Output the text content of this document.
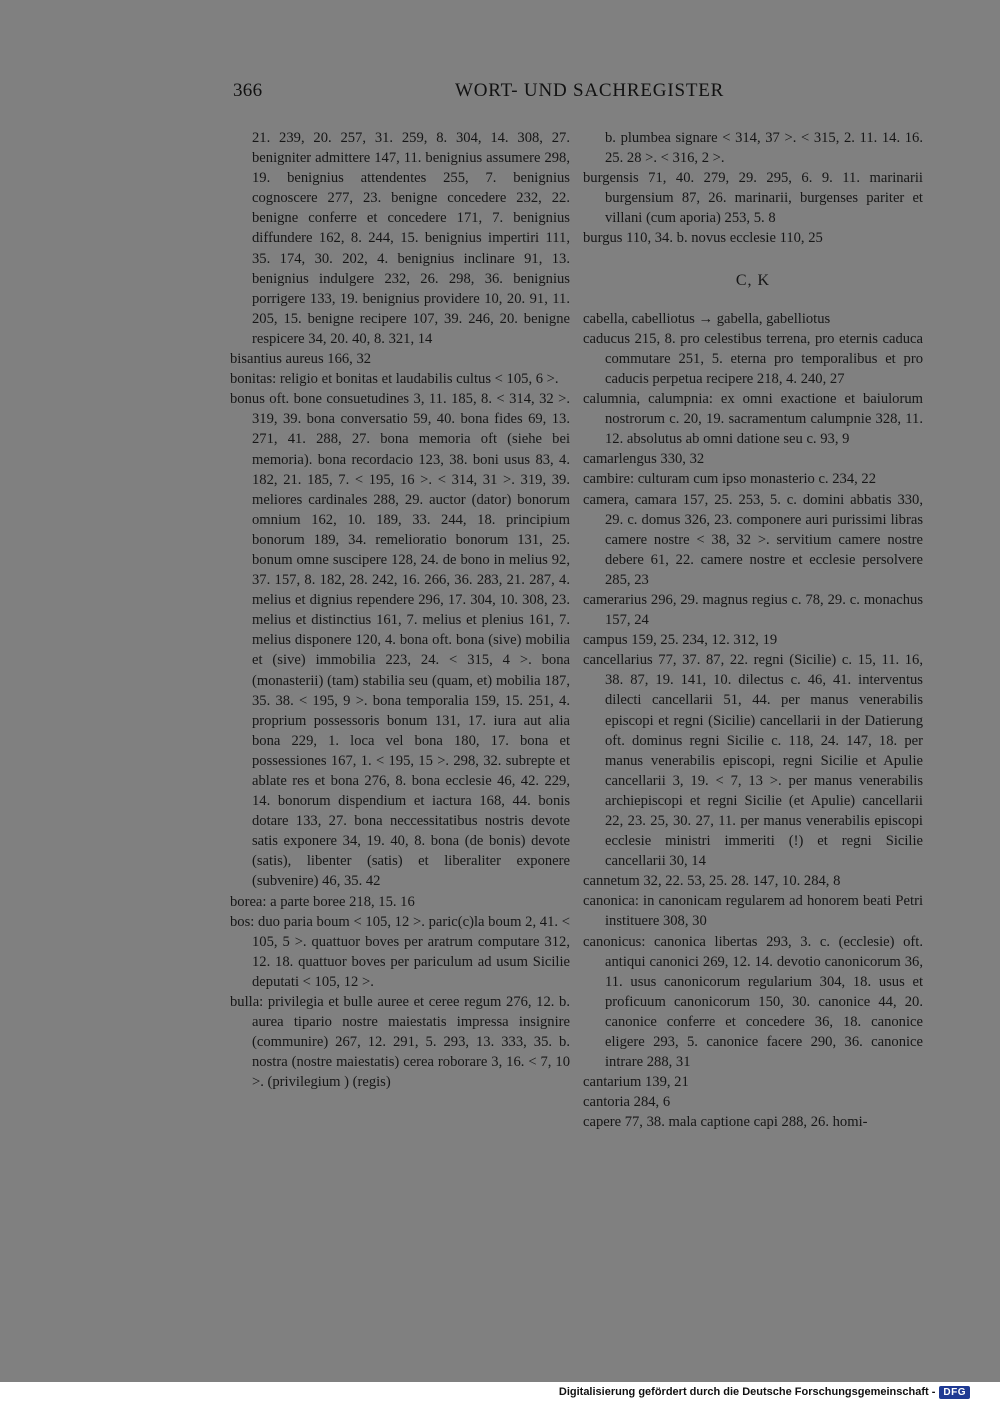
366	WORT- UND SACHREGISTER
21. 239, 20. 257, 31. 259, 8. 304, 14. 308, 27. benigniter admittere 147, 11. benignius assumere 298, 19. benignius attendentes 255, 7. benignius cognoscere 277, 23. benigne concedere 232, 22. benigne conferre et concedere 171, 7. benignius diffundere 162, 8. 244, 15. benignius impertiri 111, 35. 174, 30. 202, 4. benignius inclinare 91, 13. benignius indulgere 232, 26. 298, 36. benignius porrigere 133, 19. benignius providere 10, 20. 91, 11. 205, 15. benigne recipere 107, 39. 246, 20. benigne respicere 34, 20. 40, 8. 321, 14
bisantius aureus 166, 32
bonitas: religio et bonitas et laudabilis cultus < 105, 6 >.
bonus oft. bone consuetudines 3, 11. 185, 8. < 314, 32 >. 319, 39. bona conversatio 59, 40. bona fides 69, 13. 271, 41. 288, 27. bona memoria oft (siehe bei memoria). bona recordacio 123, 38. boni usus 83, 4. 182, 21. 185, 7. < 195, 16 >. < 314, 31 >. 319, 39. meliores cardinales 288, 29. auctor (dator) bonorum omnium 162, 10. 189, 33. 244, 18. principium bonorum 189, 34. remelioratio bonorum 131, 25. bonum omne suscipere 128, 24. de bono in melius 92, 37. 157, 8. 182, 28. 242, 16. 266, 36. 283, 21. 287, 4. melius et dignius rependere 296, 17. 304, 10. 308, 23. melius et distinctius 161, 7. melius et plenius 161, 7. melius disponere 120, 4. bona oft. bona (sive) mobilia et (sive) immobilia 223, 24. < 315, 4 >. bona (monasterii) (tam) stabilia seu (quam, et) mobilia 187, 35. 38. < 195, 9 >. bona temporalia 159, 15. 251, 4. proprium possessoris bonum 131, 17. iura aut alia bona 229, 1. loca vel bona 180, 17. bona et possessiones 167, 1. < 195, 15 >. 298, 32. subrepte et ablate res et bona 276, 8. bona ecclesie 46, 42. 229, 14. bonorum dispendium et iactura 168, 44. bonis dotare 133, 27. bona neccessitatibus nostris devote satis exponere 34, 19. 40, 8. bona (de bonis) devote (satis), libenter (satis) et liberaliter exponere (subvenire) 46, 35. 42
borea: a parte boree 218, 15. 16
bos: duo paria boum < 105, 12 >. paric(c)la boum 2, 41. < 105, 5 >. quattuor boves per aratrum computare 312, 12. 18. quattuor boves per pariculum ad usum Sicilie deputati < 105, 12 >.
bulla: privilegia et bulle auree et ceree regum 276, 12. b. aurea tipario nostre maiestatis impressa insignire (communire) 267, 12. 291, 5. 293, 13. 333, 35. b. nostra (nostre maiestatis) cerea roborare 3, 16. < 7, 10 >. (privilegium ) (regis)
b. plumbea signare < 314, 37 >. < 315, 2. 11. 14. 16. 25. 28 >. < 316, 2 >.
burgensis 71, 40. 279, 29. 295, 6. 9. 11. marinarii burgensium 87, 26. marinarii, burgenses pariter et villani (cum aporia) 253, 5. 8
burgus 110, 34. b. novus ecclesie 110, 25
C, K
cabella, cabelliotus → gabella, gabelliotus
caducus 215, 8. pro celestibus terrena, pro eternis caduca commutare 251, 5. eterna pro temporalibus et pro caducis perpetua recipere 218, 4. 240, 27
calumnia, calumpnia: ex omni exactione et baiulorum nostrorum c. 20, 19. sacramentum calumpnie 328, 11. 12. absolutus ab omni datione seu c. 93, 9
camarlengus 330, 32
cambire: culturam cum ipso monasterio c. 234, 22
camera, camara 157, 25. 253, 5. c. domini abbatis 330, 29. c. domus 326, 23. componere auri purissimi libras camere nostre < 38, 32 >. servitium camere nostre debere 61, 22. camere nostre et ecclesie persolvere 285, 23
camerarius 296, 29. magnus regius c. 78, 29. c. monachus 157, 24
campus 159, 25. 234, 12. 312, 19
cancellarius 77, 37. 87, 22. regni (Sicilie) c. 15, 11. 16, 38. 87, 19. 141, 10. dilectus c. 46, 41. interventus dilecti cancellarii 51, 44. per manus venerabilis episcopi et regni (Sicilie) cancellarii in der Datierung oft. dominus regni Sicilie c. 118, 24. 147, 18. per manus venerabilis episcopi, regni Sicilie et Apulie cancellarii 3, 19. < 7, 13 >. per manus venerabilis archiepiscopi et regni Sicilie (et Apulie) cancellarii 22, 23. 25, 30. 27, 11. per manus venerabilis episcopi ecclesie ministri immeriti (!) et regni Sicilie cancellarii 30, 14
cannetum 32, 22. 53, 25. 28. 147, 10. 284, 8
canonica: in canonicam regularem ad honorem beati Petri instituere 308, 30
canonicus: canonica libertas 293, 3. c. (ecclesie) oft. antiqui canonici 269, 12. 14. devotio canonicorum 36, 11. usus canonicorum regularium 304, 18. usus et proficuum canonicorum 150, 30. canonice 44, 20. canonice conferre et concedere 36, 18. canonice eligere 293, 5. canonice facere 290, 36. canonice intrare 288, 31
cantarium 139, 21
cantoria 284, 6
capere 77, 38. mala captione capi 288, 26. homi-
Digitalisierung gefördert durch die Deutsche Forschungsgemeinschaft - DFG
